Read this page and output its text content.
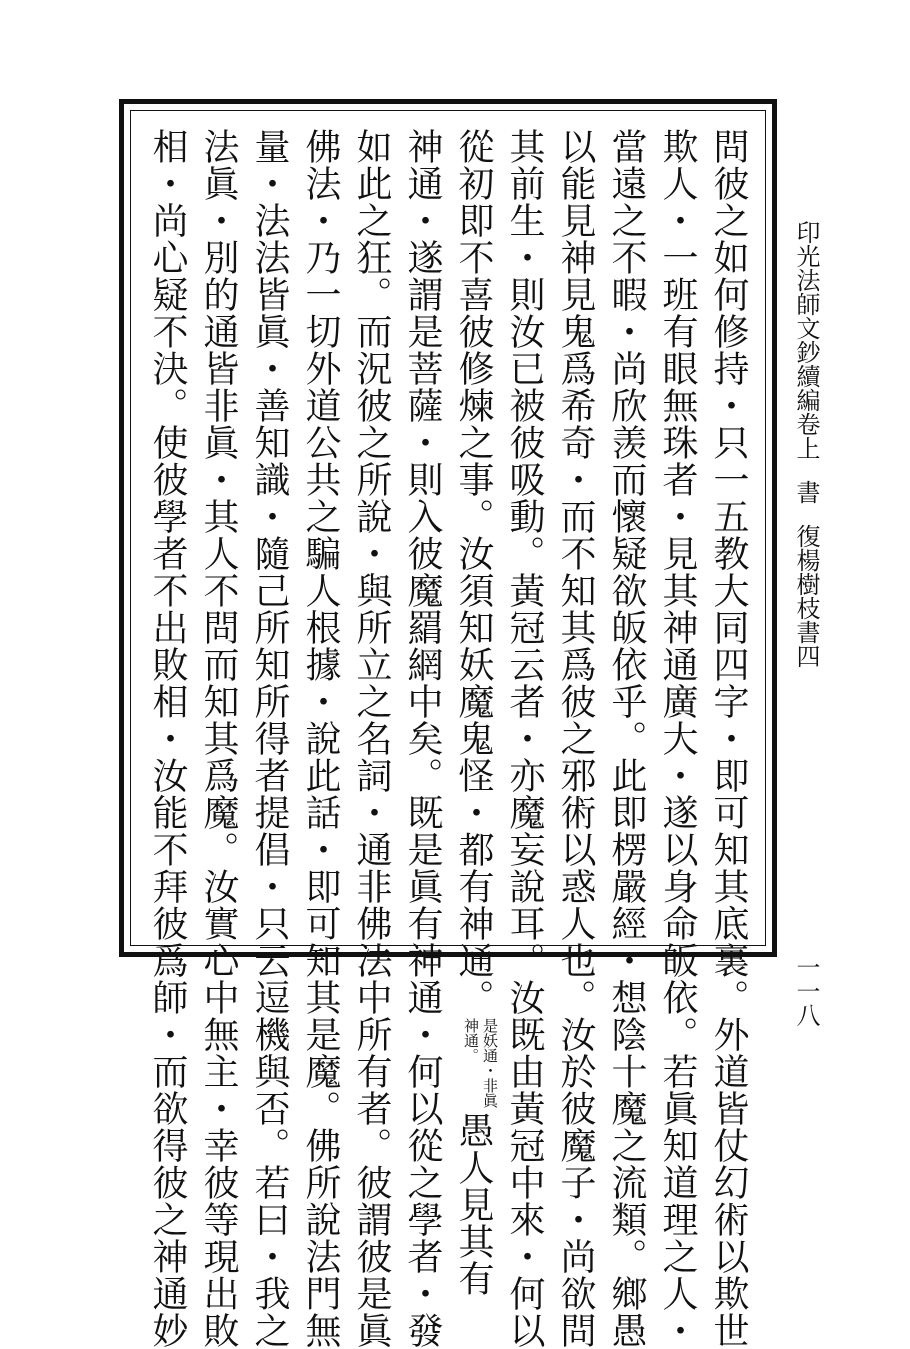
印光法師文鈔續編卷上書復楊樹枝書四
一一八
問彼之如何修持・只一五教大同四字・即可知其底裏。外道皆仗幻術以欺世
欺人・一班有眼無珠者・見其神通廣大・遂以身命皈依。若眞知道理之人・
當遠之不暇・尚欣羡而懷疑欲皈依乎。此即楞嚴經・想陰十魔之流類。鄉愚
以能見神見鬼爲希奇・而不知其爲彼之邪術以惑人也。汝於彼魔子・尚欲問
其前生・則汝已被彼吸動。黃冠云者・亦魔妄說耳。汝既由黃冠中來・何以
從初即不喜彼修煉之事。汝須知妖魔鬼怪・都有神通。是妖通・非眞神通。愚人見其有
神通・遂謂是菩薩・則入彼魔羂網中矣。既是眞有神通・何以從之學者・發
如此之狂。而況彼之所說・與所立之名詞・通非佛法中所有者。彼謂彼是眞
佛法・乃一切外道公共之騙人根據・說此話・即可知其是魔。佛所說法門無
量・法法皆眞・善知識・隨己所知所得者提倡・只云逗機與否。若曰・我之
法眞・別的通皆非眞・其人不問而知其爲魔。汝實心中無主・幸彼等現出敗
相・尚心疑不決。使彼學者不出敗相・汝能不拜彼爲師・而欲得彼之神通妙
